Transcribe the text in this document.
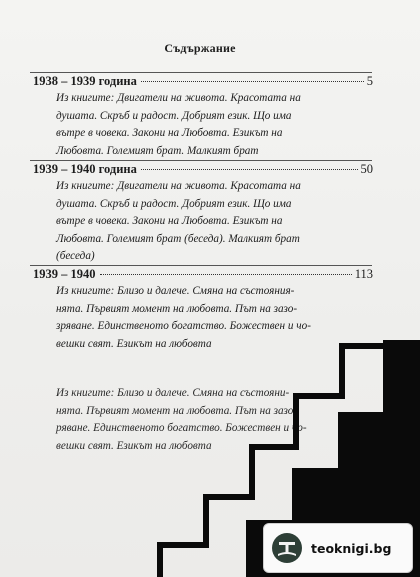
Съдържание
1938 – 1939 година	5
Из книгите: Двигатели на живота. Красотата на
душата. Скръб и радост. Добрият език. Що има
вътре в човека. Закони на Любовта. Езикът на
Любовта. Големият брат. Малкият брат
1939 – 1940 година	50
Из книгите: Двигатели на живота. Красотата на
душата. Скръб и радост. Добрият език. Що има
вътре в човека. Закони на Любовта. Езикът на
Любовта. Големият брат (беседа). Малкият брат
(беседа)
1939 – 1940	113
Из книгите: Близо и далече. Смяна на състояния-
нята. Първият момент на любовта. Път на зазо-
зряване. Единственото богатство. Божествен и чо-
вешки свят. Езикът на любовта
Из книгите: Близо и далече. Смяна на състояни-
нята. Първият момент на любовта. Път на зазо-
ряване. Единственото богатство. Божествен и чо-
вешки свят. Езикът на любовта
teoknigi.bg
